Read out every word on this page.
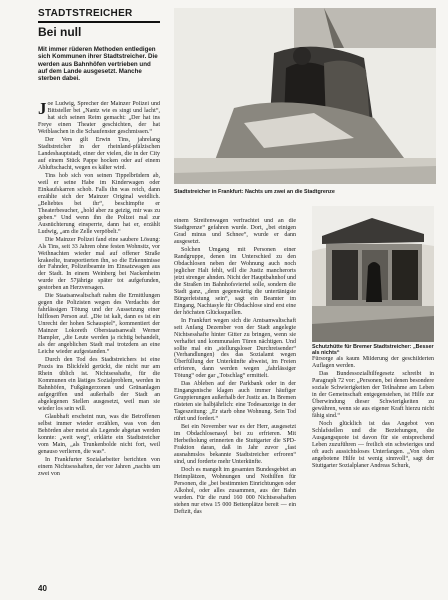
STADTSTREICHER
Bei null
Mit immer rüderen Methoden entledigen sich Kommunen ihrer Stadtstreicher. Die werden aus Bahnhöfen vertrieben und auf dem Lande ausgesetzt. Manche sterben dabei.

Joe Ludwig, Sprecher der Mainzer Polizei und Bittsteller bei „Nantz wie es singt und lacht“, hat sich seinen Reim gemacht: „Der hat ins Freye einen Theater geschichten, der hat Weiblaschen in die Schaufenster geschmissen.“

Der Vers gilt Erwin Tins, jahrelang Stadtstreicher in der rheinland-pfälzischen Landeshauptstadt, einer der vielen, die in der City auf einem Stück Pappe hocken oder auf einem Abluftschacht, wegen es kälter wird.

Tins hob sich von seinen Tippelbrüdern ab, weil er seine Habe im Kinderwagen oder Einkaufskarren schob. Falls ihn was reich, dann erzählte sich der Mainzer Original weidlich. „Beliebtes bei ihr“, beschimpfte er Theaterbesucher, „hold aber zu geizig, mir was zu geben.“ Und wenn ihn die Polizei mal zur Ausnüchterung einsperrte, dann hat er, erzählt Ludwig, „am die Zelle verpöbelt.“

Die Mainzer Polizei fand eine saubere Lösung: Als Tins, seit 33 Jahren ohne festen Wohnsitz, vor Weihnachten wieder mal auf offener Straße krakeelte, transportierten ihn, so die Erkenntnisse der Fahnder, Polizeibeamte im Einsatzwagen aus der Stadt. In einem Weinberg bei Nackenheim wurde der 57jährige später tot aufgefunden, gestorben an Herzversagen.

Die Staatsanwaltschaft nahm die Ermittlungen gegen die Polizisten wegen des Verdachts der fahrlässigen Tötung und der Aussetzung einer hilflosen Person auf. „Die ist kalt, dann es ist ein Unrecht der hohen Schauspiel“, kommentiert der Mainzer Lokoreth Oberstaatsanwalt Werner Hampler, „die Leute werden ja richtig behandelt, als der angeblichen Stadt mal trotzdem an eine Leiche wieder aufgestanden.“

Durch den Tod des Stadtstreichers ist eine Praxis ins Blickfeld gerückt, die nicht nur am Rhein üblich ist. Nichtsesshafte, für die Kommunen ein lästiges Sozialproblem, werden in Bahnhöfen, Fußgängerzonen und Grünanlagen aufgegriffen und außerhalb der Stadt an abgelegenen Stellen ausgesetzt, weil man sie wieder los sein will.

Glaubhaft erscheint nun, was die Betroffenen selbst immer wieder erzählen, was von den Behörden aber meist als Legende abgetan werden konnte: „weit weg“, erklärte ein Stadtstreicher vom Main, „als Trunkenbolde nicht fort, weil genauso verlieren, die was“.

In Frankfurter Sozialarbeiter berichten von einem Nichtsesshaften, der vor Jahren „nachts um zwei von

Stadtstreicher in Frankfurt: Nachts um zwei an die Stadtgrenze

einem Streifenwagen verfrachtet und an die Stadtgrenze“ gefahren wurde. Dort, „bei einigen Grad minus und Schnee“, wurde er dann ausgesetzt.

Solchen Umgang mit Personen einer Randgruppe, denen im Unterschied zu den Obdachlosen neben der Wohnung auch noch jeglicher Halt fehlt, will die Justiz mancherorts jetzt strenger ahnden. Nicht der Hauptbahnhof und die Straßen im Bahnhofsviertel solle, sondern die Stadt ganz, „denn gegenwärtig die untertänigste Bürgerleistung sein“, sagt ein Beamter im Eingang, Nachtasyle für Obdachlose sind erst eine der höchsten Glücksquellen.

In Frankfurt wegen sich die Amtsanwaltschaft seit Anfang Dezember von der Stadt angelegte Nichtsesshafte hinter Gitter zu bringen, wenn sie verhaftet und kommunalen Türen nächtigen. Und sollte mal ein „stellungsloser Durchreisender“ (Verhandlungen) des das Sozialamt wegen Überfüllung der Unterkünfte abweist, im Freien erfrieren, dann werden wegen „fahrlässiger Tötung“ oder gar „Totschlag“ ermittelt.

Das Ableben auf der Parkbank oder in der Eingangsnische klagen auch immer häufiger Gruppierungen außerhalb der Justiz an. In Bremen rüsteten sie halbjährlich: eine Todesanzeige in der Tageszeitung: „Er starb ohne Wohnung. Sein Tod rührt und fordert.“

Bei ein November war es der Herr, ausgesetzt im Obdachlosenasyl bei zu erfrieren. Mit Herbeiholung erinnerten die Stuttgarter die SPD-Fraktion daran, daß in Jahr zuvor „fast ausnahmslos bekannte Stadtstreicher erfroren“ sind, und forderte mehr Unterkünfte.

Doch es mangelt im gesamten Bundesgebiet an Heimplätzen, Wohnungen und Nothilfen für Personen, die „bei bestimmten Einrichtungen oder Alkohol, oder alles zusammen, aus der Bahn wurden. Für die rund 160 000 Nichtsesshaften stehen nur etwa 15 000 Bettenplätze bereit — ein Defizit, das

Schutzhütte für Bremer Stadtstreicher: „Besser als nichts“

Fürsorge als kaum Milderung der geschilderten Auflagen werden.

Das Bundessozialhilfegesetz schreibt in Paragraph 72 vor: „Personen, bei denen besondere soziale Schwierigkeiten der Teilnahme am Leben in der Gemeinschaft entgegenstehen, ist Hilfe zur Überwindung dieser Schwierigkeiten zu gewähren, wenn sie aus eigener Kraft hierzu nicht fähig sind.“

Noch glücklich ist das Angebot von Schlafstellen und die Beziehungen, die Ausgangsquote ist davon für sie entsprechend Leben zuzuführen — freilich ein schwieriges und oft auch aussichtsloses Unterfangen. „Von oben angebotene Hilfe ist wenig sinnvoll“, sagt der Stuttgarter Sozialplaner Andreas Schurk,

40
